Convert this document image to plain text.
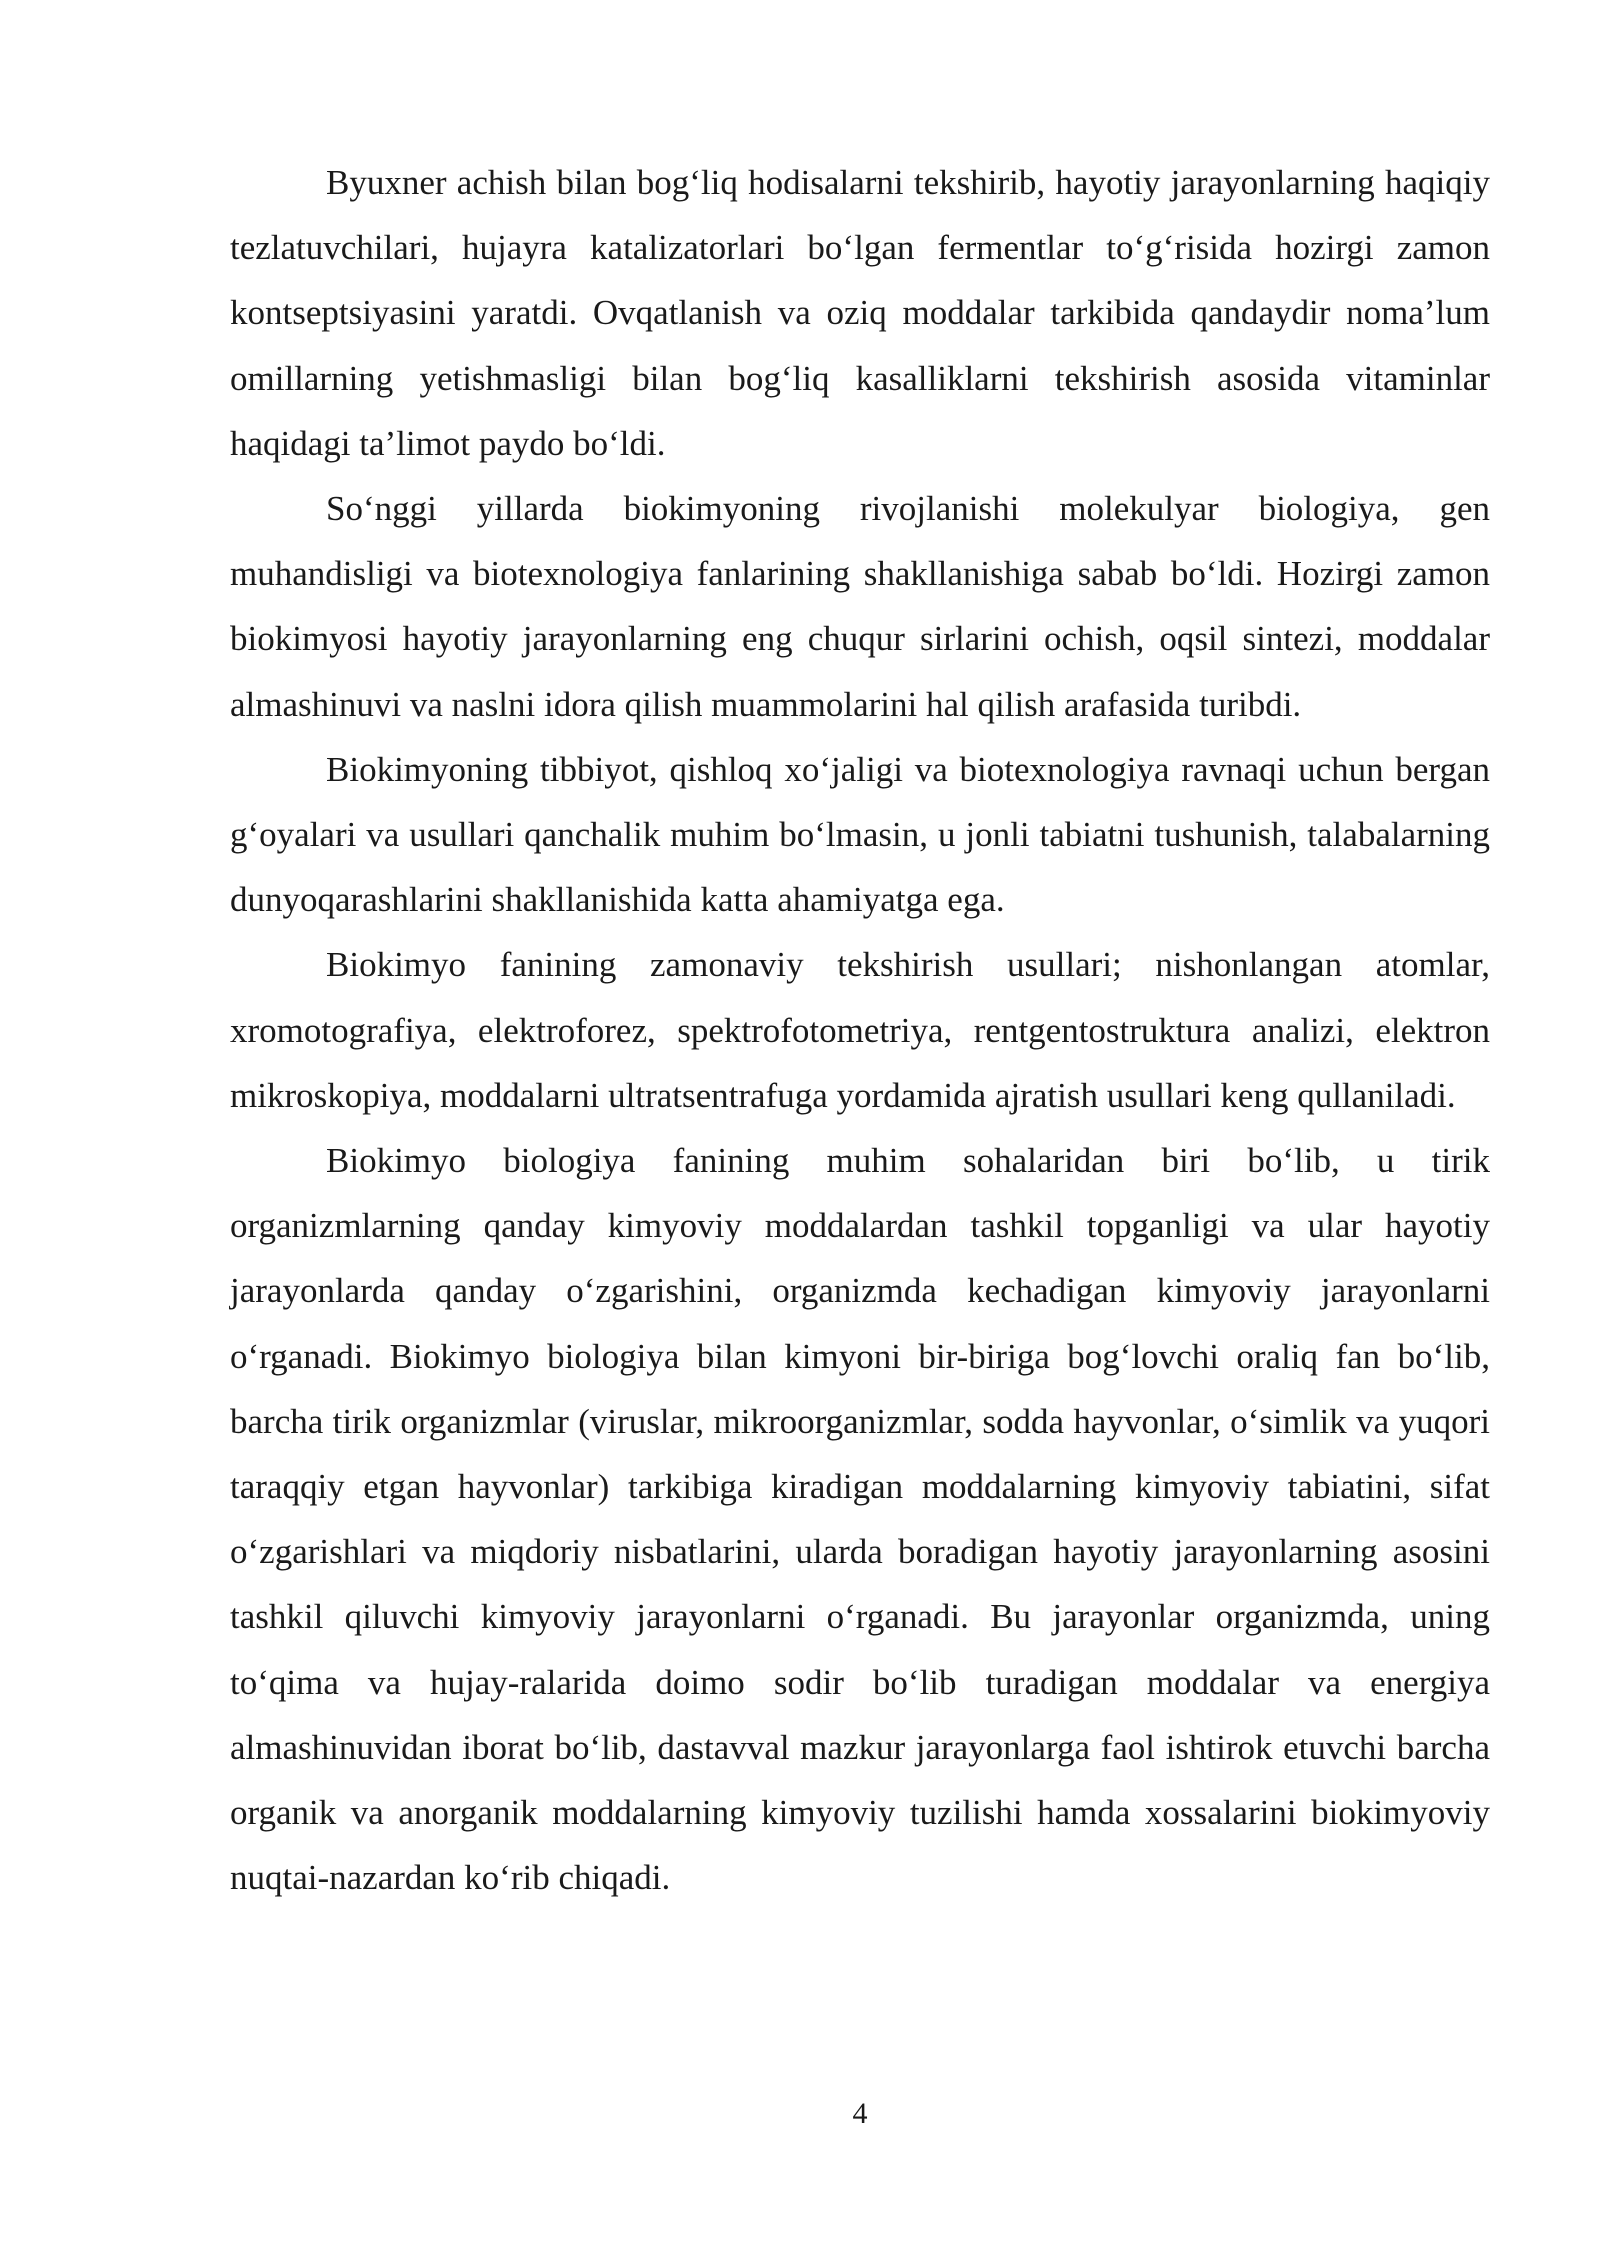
Byuxner achish bilan bog‘liq hodisalarni tekshirib, hayotiy jarayonlarning haqiqiy tezlatuvchilari, hujayra katalizatorlari bo‘lgan fermentlar to‘g‘risida hozirgi zamon kontseptsiyasini yaratdi. Ovqatlanish va oziq moddalar tarkibida qandaydir noma’lum omillarning yetishmasligi bilan bog‘liq kasalliklarni tekshirish asosida vitaminlar haqidagi ta’limot paydo bo‘ldi.

So‘nggi yillarda biokimyoning rivojlanishi molekulyar biologiya, gen muhandisligi va biotexnologiya fanlarining shakllanishiga sabab bo‘ldi. Hozirgi zamon biokimyosi hayotiy jarayonlarning eng chuqur sirlarini ochish, oqsil sintezi, moddalar almashinuvi va naslni idora qilish muammolarini hal qilish arafasida turibdi.

Biokimyoning tibbiyot, qishloq xo‘jaligi va biotexnologiya ravnaqi uchun bergan g‘oyalari va usullari qanchalik muhim bo‘lmasin, u jonli tabiatni tushunish, talabalarning dunyoqarashlarini shakllanishida katta ahamiyatga ega.

Biokimyo fanining zamonaviy tekshirish usullari; nishonlangan atomlar, xromotografiya, elektroforez, spektrofotometriya, rentgentostruktura analizi, elektron mikroskopiya, moddalarni ultratsentrafuga yordamida ajratish usullari keng qullaniladi.

Biokimyo biologiya fanining muhim sohalaridan biri bo‘lib, u tirik organizmlarning qanday kimyoviy moddalardan tashkil topganligi va ular hayotiy jarayonlarda qanday o‘zgarishini, organizmda kechadigan kimyoviy jarayonlarni o‘rganadi. Biokimyo biologiya bilan kimyoni bir-biriga bog‘lovchi oraliq fan bo‘lib, barcha tirik organizmlar (viruslar, mikroorganizmlar, sodda hayvonlar, o‘simlik va yuqori taraqqiy etgan hayvonlar) tarkibiga kiradigan moddalarning kimyoviy tabiatini, sifat o‘zgarishlari va miqdoriy nisbatlarini, ularda boradigan hayotiy jarayonlarning asosini tashkil qiluvchi kimyoviy jarayonlarni o‘rganadi. Bu jarayonlar organizmda, uning to‘qima va hujay-ralarida doimo sodir bo‘lib turadigan moddalar va energiya almashinuvidan iborat bo‘lib, dastavval mazkur jarayonlarga faol ishtirok etuvchi barcha organik va anorganik moddalarning kimyoviy tuzilishi hamda xossalarini biokimyoviy nuqtai-nazardan ko‘rib chiqadi.

4
